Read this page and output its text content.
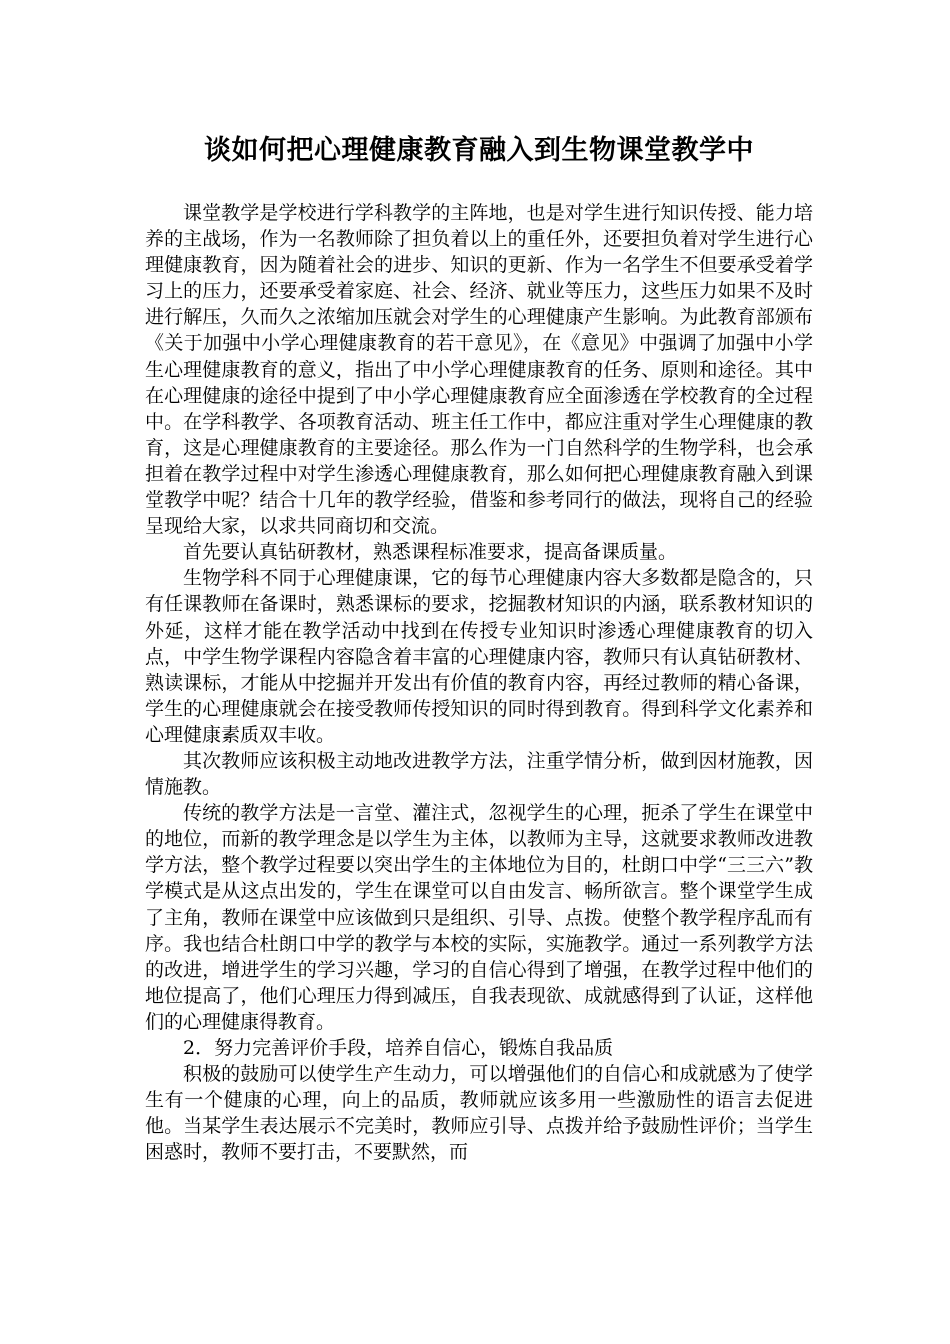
谈如何把心理健康教育融入到生物课堂教学中

课堂教学是学校进行学科教学的主阵地，也是对学生进行知识传授、能力培养的主战场，作为一名教师除了担负着以上的重任外，还要担负着对学生进行心理健康教育，因为随着社会的进步、知识的更新、作为一名学生不但要承受着学习上的压力，还要承受着家庭、社会、经济、就业等压力，这些压力如果不及时进行解压，久而久之浓缩加压就会对学生的心理健康产生影响。为此教育部颁布《关于加强中小学心理健康教育的若干意见》，在《意见》中强调了加强中小学生心理健康教育的意义，指出了中小学心理健康教育的任务、原则和途径。其中在心理健康的途径中提到了中小学心理健康教育应全面渗透在学校教育的全过程中。在学科教学、各项教育活动、班主任工作中，都应注重对学生心理健康的教育，这是心理健康教育的主要途径。那么作为一门自然科学的生物学科，也会承担着在教学过程中对学生渗透心理健康教育，那么如何把心理健康教育融入到课堂教学中呢？结合十几年的教学经验，借鉴和参考同行的做法，现将自己的经验呈现给大家，以求共同商切和交流。

首先要认真钻研教材，熟悉课程标准要求，提高备课质量。

生物学科不同于心理健康课，它的每节心理健康内容大多数都是隐含的，只有任课教师在备课时，熟悉课标的要求，挖掘教材知识的内涵，联系教材知识的外延，这样才能在教学活动中找到在传授专业知识时渗透心理健康教育的切入点，中学生物学课程内容隐含着丰富的心理健康内容，教师只有认真钻研教材、熟读课标，才能从中挖掘并开发出有价值的教育内容，再经过教师的精心备课，学生的心理健康就会在接受教师传授知识的同时得到教育。得到科学文化素养和心理健康素质双丰收。

其次教师应该积极主动地改进教学方法，注重学情分析，做到因材施教，因情施教。

传统的教学方法是一言堂、灌注式，忽视学生的心理，扼杀了学生在课堂中的地位，而新的教学理念是以学生为主体，以教师为主导，这就要求教师改进教学方法，整个教学过程要以突出学生的主体地位为目的，杜朗口中学“三三六”教学模式是从这点出发的，学生在课堂可以自由发言、畅所欲言。整个课堂学生成了主角，教师在课堂中应该做到只是组织、引导、点拨。使整个教学程序乱而有序。我也结合杜朗口中学的教学与本校的实际，实施教学。通过一系列教学方法的改进，增进学生的学习兴趣，学习的自信心得到了增强，在教学过程中他们的地位提高了，他们心理压力得到减压，自我表现欲、成就感得到了认证，这样他们的心理健康得教育。

2．努力完善评价手段，培养自信心，锻炼自我品质

积极的鼓励可以使学生产生动力，可以增强他们的自信心和成就感为了使学生有一个健康的心理，向上的品质，教师就应该多用一些激励性的语言去促进他。当某学生表达展示不完美时，教师应引导、点拨并给予鼓励性评价；当学生困惑时，教师不要打击，不要默然，而
